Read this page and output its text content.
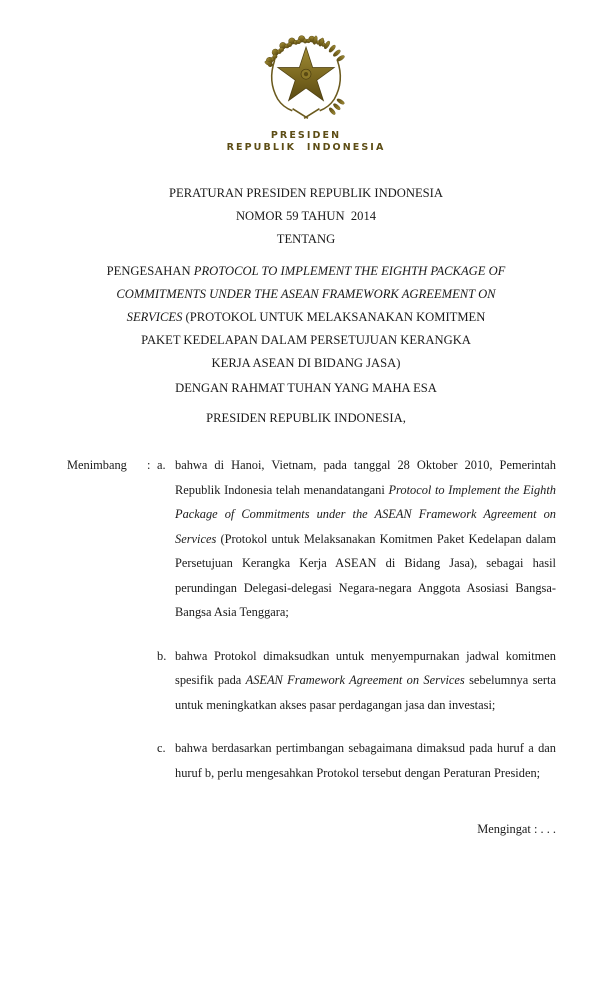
PRESIDEN
REPUBLIK  INDONESIA
PERATURAN PRESIDEN REPUBLIK INDONESIA
NOMOR 59 TAHUN  2014
TENTANG
PENGESAHAN PROTOCOL TO IMPLEMENT THE EIGHTH PACKAGE OF
COMMITMENTS UNDER THE ASEAN FRAMEWORK AGREEMENT ON
SERVICES (PROTOKOL UNTUK MELAKSANAKAN KOMITMEN
PAKET KEDELAPAN DALAM PERSETUJUAN KERANGKA
KERJA ASEAN DI BIDANG JASA)
DENGAN RAHMAT TUHAN YANG MAHA ESA
PRESIDEN REPUBLIK INDONESIA,
Menimbang	: a. bahwa di Hanoi, Vietnam, pada tanggal 28 Oktober 2010, Pemerintah Republik Indonesia telah menandatangani Protocol to Implement the Eighth Package of Commitments under the ASEAN Framework Agreement on Services (Protokol untuk Melaksanakan Komitmen Paket Kedelapan dalam Persetujuan Kerangka Kerja ASEAN di Bidang Jasa), sebagai hasil perundingan Delegasi-delegasi Negara-negara Anggota Asosiasi Bangsa-Bangsa Asia Tenggara;
b. bahwa Protokol dimaksudkan untuk menyempurnakan jadwal komitmen spesifik pada ASEAN Framework Agreement on Services sebelumnya serta untuk meningkatkan akses pasar perdagangan jasa dan investasi;
c. bahwa berdasarkan pertimbangan sebagaimana dimaksud pada huruf a dan huruf b, perlu mengesahkan Protokol tersebut dengan Peraturan Presiden;
Mengingat : . . .
